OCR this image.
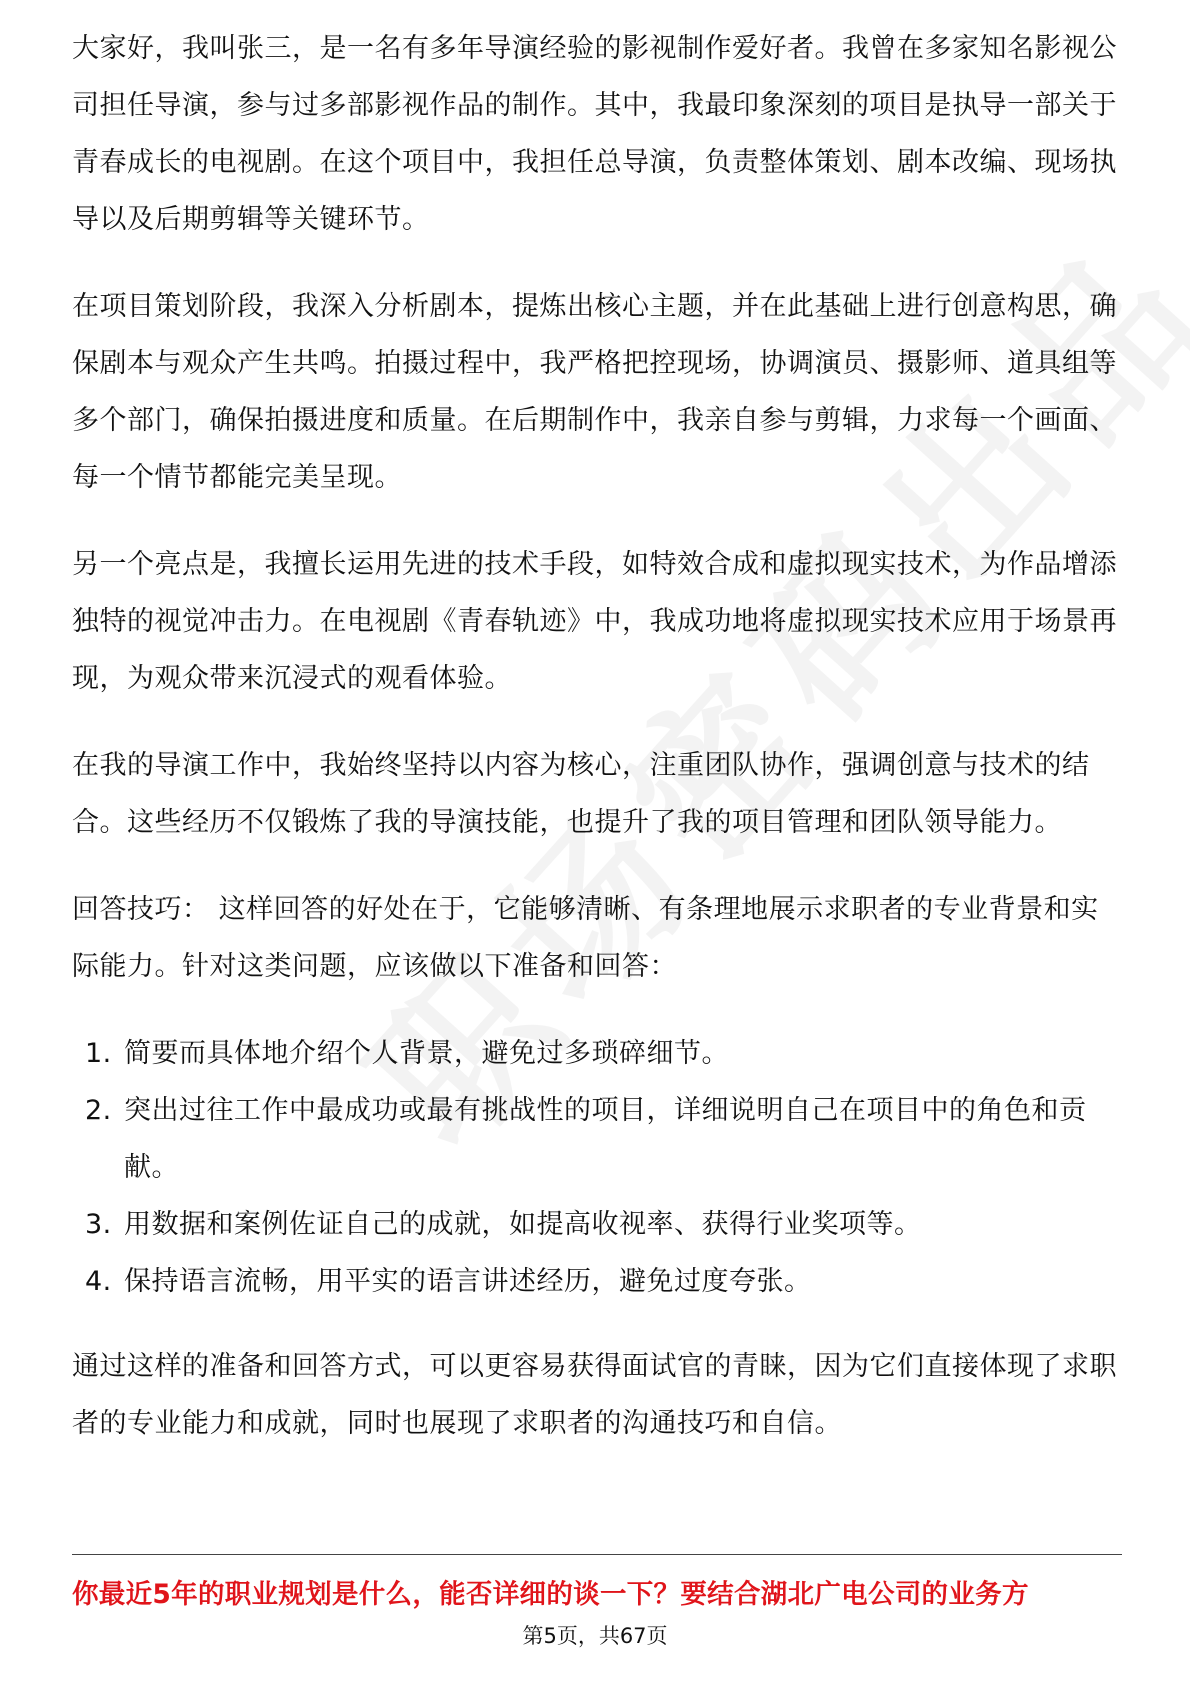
大家好，我叫张三，是一名有多年导演经验的影视制作爱好者。我曾在多家知名影视公司担任导演，参与过多部影视作品的制作。其中，我最印象深刻的项目是执导一部关于青春成长的电视剧。在这个项目中，我担任总导演，负责整体策划、剧本改编、现场执导以及后期剪辑等关键环节。

在项目策划阶段，我深入分析剧本，提炼出核心主题，并在此基础上进行创意构思，确保剧本与观众产生共鸣。拍摄过程中，我严格把控现场，协调演员、摄影师、道具组等多个部门，确保拍摄进度和质量。在后期制作中，我亲自参与剪辑，力求每一个画面、每一个情节都能完美呈现。

另一个亮点是，我擅长运用先进的技术手段，如特效合成和虚拟现实技术，为作品增添独特的视觉冲击力。在电视剧《青春轨迹》中，我成功地将虚拟现实技术应用于场景再现，为观众带来沉浸式的观看体验。

在我的导演工作中，我始终坚持以内容为核心，注重团队协作，强调创意与技术的结合。这些经历不仅锻炼了我的导演技能，也提升了我的项目管理和团队领导能力。

回答技巧： 这样回答的好处在于，它能够清晰、有条理地展示求职者的专业背景和实际能力。针对这类问题，应该做以下准备和回答：

1. 简要而具体地介绍个人背景，避免过多琐碎细节。
2. 突出过往工作中最成功或最有挑战性的项目，详细说明自己在项目中的角色和贡献。
3. 用数据和案例佐证自己的成就，如提高收视率、获得行业奖项等。
4. 保持语言流畅，用平实的语言讲述经历，避免过度夸张。

通过这样的准备和回答方式，可以更容易获得面试官的青睐，因为它们直接体现了求职者的专业能力和成就，同时也展现了求职者的沟通技巧和自信。

你最近5年的职业规划是什么，能否详细的谈一下？要结合湖北广电公司的业务方
第5页，共67页
